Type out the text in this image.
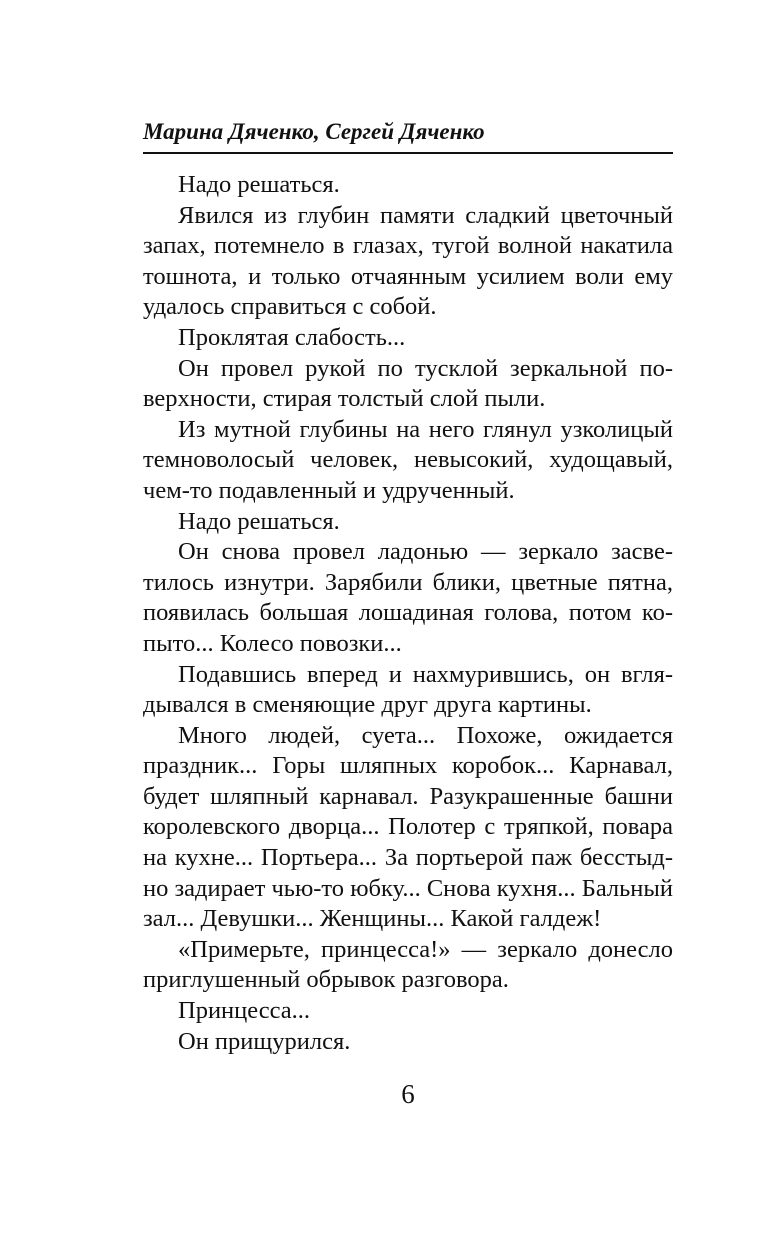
Марина Дяченко, Сергей Дяченко
Надо решаться.
Явился из глубин памяти сладкий цветочный
запах, потемнело в глазах, тугой волной накатила
тошнота, и только отчаянным усилием воли ему
удалось справиться с собой.
Проклятая слабость...
Он провел рукой по тусклой зеркальной по-
верхности, стирая толстый слой пыли.
Из мутной глубины на него глянул узколицый
темноволосый человек, невысокий, худощавый,
чем-то подавленный и удрученный.
Надо решаться.
Он снова провел ладонью — зеркало засве-
тилось изнутри. Зарябили блики, цветные пятна,
появилась большая лошадиная голова, потом ко-
пыто... Колесо повозки...
Подавшись вперед и нахмурившись, он вгля-
дывался в сменяющие друг друга картины.
Много людей, суета... Похоже, ожидается
праздник... Горы шляпных коробок... Карнавал,
будет шляпный карнавал. Разукрашенные башни
королевского дворца... Полотер с тряпкой, повара
на кухне... Портьера... За портьерой паж бесстыд-
но задирает чью-то юбку... Снова кухня... Бальный
зал... Девушки... Женщины... Какой галдеж!
«Примерьте, принцесса!» — зеркало донесло
приглушенный обрывок разговора.
Принцесса...
Он прищурился.
6
